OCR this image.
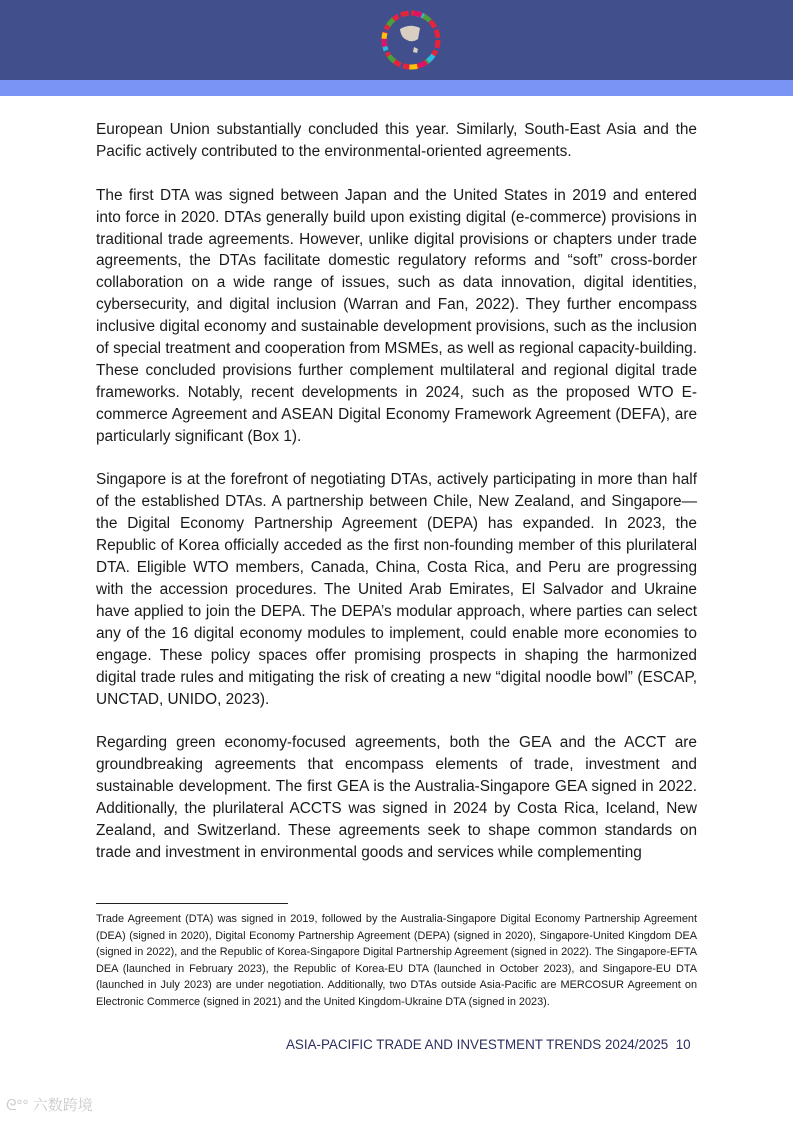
European Union substantially concluded this year. Similarly, South-East Asia and the Pacific actively contributed to the environmental-oriented agreements.

The first DTA was signed between Japan and the United States in 2019 and entered into force in 2020. DTAs generally build upon existing digital (e-commerce) provisions in traditional trade agreements. However, unlike digital provisions or chapters under trade agreements, the DTAs facilitate domestic regulatory reforms and “soft” cross-border collaboration on a wide range of issues, such as data innovation, digital identities, cybersecurity, and digital inclusion (Warran and Fan, 2022). They further encompass inclusive digital economy and sustainable development provisions, such as the inclusion of special treatment and cooperation from MSMEs, as well as regional capacity-building. These concluded provisions further complement multilateral and regional digital trade frameworks. Notably, recent developments in 2024, such as the proposed WTO E-commerce Agreement and ASEAN Digital Economy Framework Agreement (DEFA), are particularly significant (Box 1).

Singapore is at the forefront of negotiating DTAs, actively participating in more than half of the established DTAs. A partnership between Chile, New Zealand, and Singapore—the Digital Economy Partnership Agreement (DEPA) has expanded. In 2023, the Republic of Korea officially acceded as the first non-founding member of this plurilateral DTA. Eligible WTO members, Canada, China, Costa Rica, and Peru are progressing with the accession procedures. The United Arab Emirates, El Salvador and Ukraine have applied to join the DEPA. The DEPA’s modular approach, where parties can select any of the 16 digital economy modules to implement, could enable more economies to engage. These policy spaces offer promising prospects in shaping the harmonized digital trade rules and mitigating the risk of creating a new “digital noodle bowl” (ESCAP, UNCTAD, UNIDO, 2023).

Regarding green economy-focused agreements, both the GEA and the ACCT are groundbreaking agreements that encompass elements of trade, investment and sustainable development. The first GEA is the Australia-Singapore GEA signed in 2022. Additionally, the plurilateral ACCTS was signed in 2024 by Costa Rica, Iceland, New Zealand, and Switzerland. These agreements seek to shape common standards on trade and investment in environmental goods and services while complementing

Trade Agreement (DTA) was signed in 2019, followed by the Australia-Singapore Digital Economy Partnership Agreement (DEA) (signed in 2020), Digital Economy Partnership Agreement (DEPA) (signed in 2020), Singapore-United Kingdom DEA (signed in 2022), and the Republic of Korea-Singapore Digital Partnership Agreement (signed in 2022). The Singapore-EFTA DEA (launched in February 2023), the Republic of Korea-EU DTA (launched in October 2023), and Singapore-EU DTA (launched in July 2023) are under negotiation. Additionally, two DTAs outside Asia-Pacific are MERCOSUR Agreement on Electronic Commerce (signed in 2021) and the United Kingdom-Ukraine DTA (signed in 2023).

ASIA-PACIFIC TRADE AND INVESTMENT TRENDS 2024/2025 10
ᘓ°° 六数跨境
